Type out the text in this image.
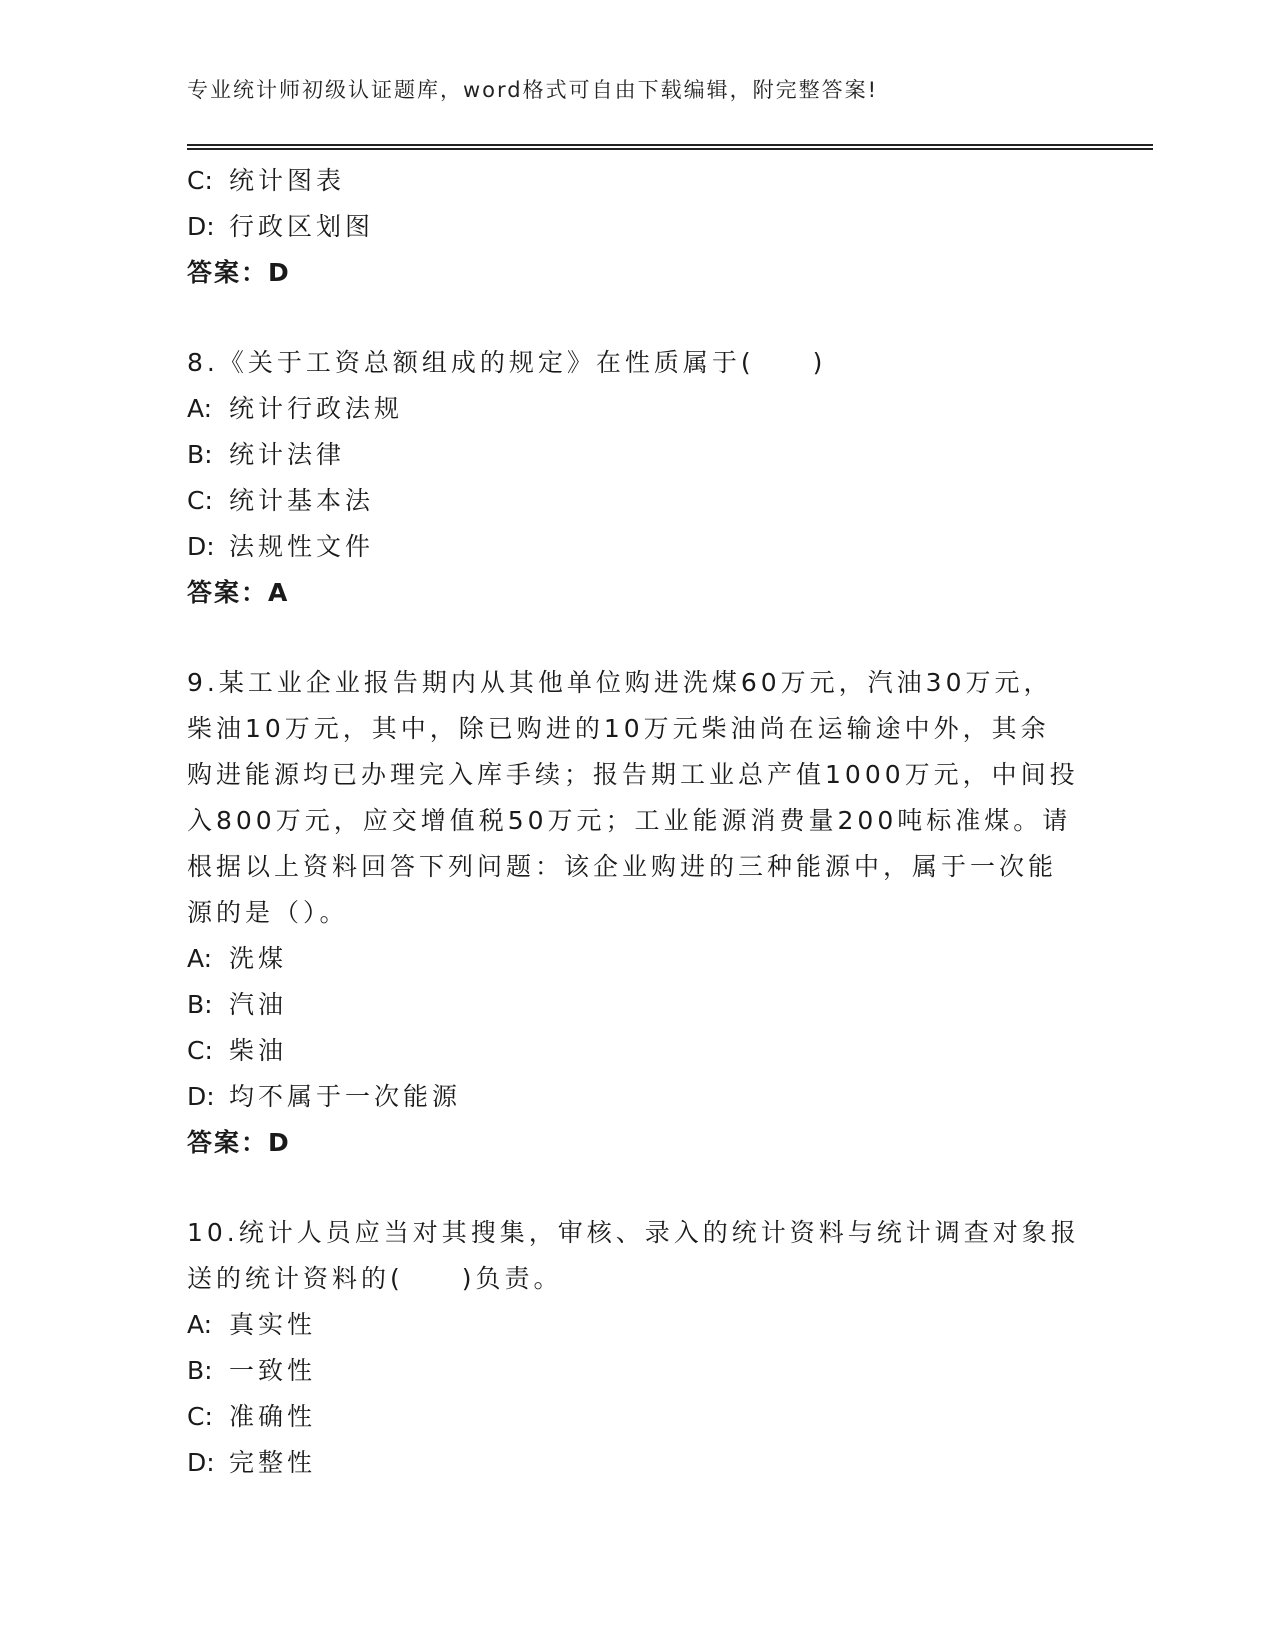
专业统计师初级认证题库，word格式可自由下载编辑，附完整答案!
C: 统计图表
D: 行政区划图
答案：D
8.《关于工资总额组成的规定》在性质属于(　　)
A: 统计行政法规
B: 统计法律
C: 统计基本法
D: 法规性文件
答案：A
9.某工业企业报告期内从其他单位购进洗煤60万元，汽油30万元，
柴油10万元，其中，除已购进的10万元柴油尚在运输途中外，其余
购进能源均已办理完入库手续；报告期工业总产值1000万元，中间投
入800万元，应交增值税50万元；工业能源消费量200吨标准煤。请
根据以上资料回答下列问题：该企业购进的三种能源中，属于一次能
源的是（）。
A: 洗煤
B: 汽油
C: 柴油
D: 均不属于一次能源
答案：D
10.统计人员应当对其搜集，审核、录入的统计资料与统计调查对象报
送的统计资料的(　　)负责。
A: 真实性
B: 一致性
C: 准确性
D: 完整性
